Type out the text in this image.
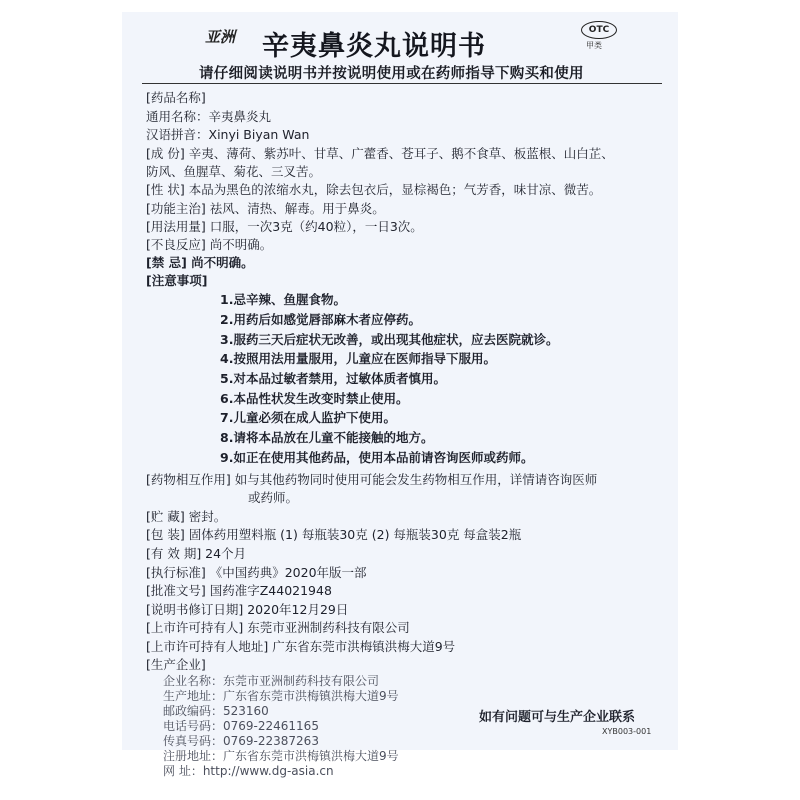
亚洲 辛夷鼻炎丸说明书
OTC
甲类
请仔细阅读说明书并按说明使用或在药师指导下购买和使用
[药品名称]
通用名称：辛夷鼻炎丸
汉语拼音：Xinyi Biyan Wan
[成 份] 辛夷、薄荷、紫苏叶、甘草、广藿香、苍耳子、鹅不食草、板蓝根、山白芷、
防风、鱼腥草、菊花、三叉苦。
[性 状] 本品为黑色的浓缩水丸，除去包衣后，显棕褐色；气芳香，味甘凉、微苦。
[功能主治] 祛风、清热、解毒。用于鼻炎。
[用法用量] 口服，一次3克（约40粒），一日3次。
[不良反应] 尚不明确。
[禁 忌] 尚不明确。
[注意事项]
1.忌辛辣、鱼腥食物。
2.用药后如感觉唇部麻木者应停药。
3.服药三天后症状无改善，或出现其他症状，应去医院就诊。
4.按照用法用量服用，儿童应在医师指导下服用。
5.对本品过敏者禁用，过敏体质者慎用。
6.本品性状发生改变时禁止使用。
7.儿童必须在成人监护下使用。
8.请将本品放在儿童不能接触的地方。
9.如正在使用其他药品，使用本品前请咨询医师或药师。
[药物相互作用] 如与其他药物同时使用可能会发生药物相互作用，详情请咨询医师
或药师。
[贮 藏] 密封。
[包 装] 固体药用塑料瓶 (1) 每瓶装30克 (2) 每瓶装30克 每盒装2瓶
[有 效 期] 24个月
[执行标准] 《中国药典》2020年版一部
[批准文号] 国药准字Z44021948
[说明书修订日期] 2020年12月29日
[上市许可持有人] 东莞市亚洲制药科技有限公司
[上市许可持有人地址] 广东省东莞市洪梅镇洪梅大道9号
[生产企业]
企业名称：东莞市亚洲制药科技有限公司
生产地址：广东省东莞市洪梅镇洪梅大道9号
邮政编码：523160
电话号码：0769-22461165
传真号码：0769-22387263
注册地址：广东省东莞市洪梅镇洪梅大道9号
网 址：http://www.dg-asia.cn
如有问题可与生产企业联系
XYB003-001
